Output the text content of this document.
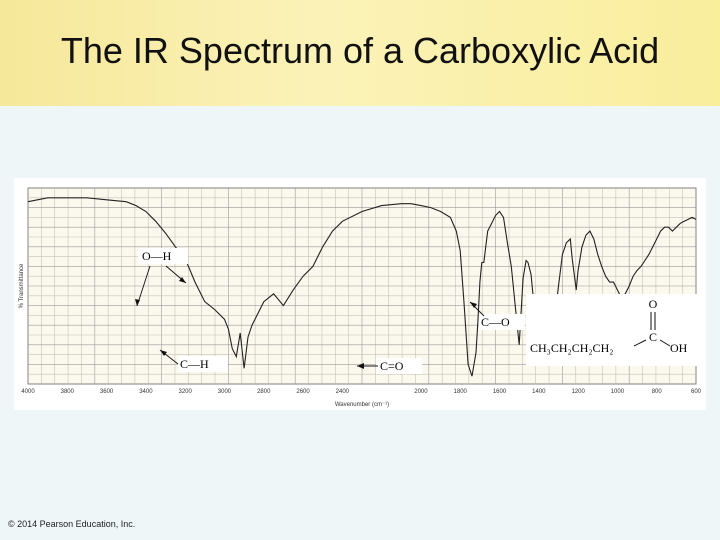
The IR Spectrum of a Carboxylic Acid
4000	3800	3600	3400	3200	3000	2800	2600	2400	2000	1800	1600	1400	1200	1000	800	600
% Transmittance
Wavenumber (cm⁻¹)
O
C
CH₃CH₂CH₂CH₂	OH
O—H
C—H	C=O
C—O
© 2014 Pearson Education, Inc.
